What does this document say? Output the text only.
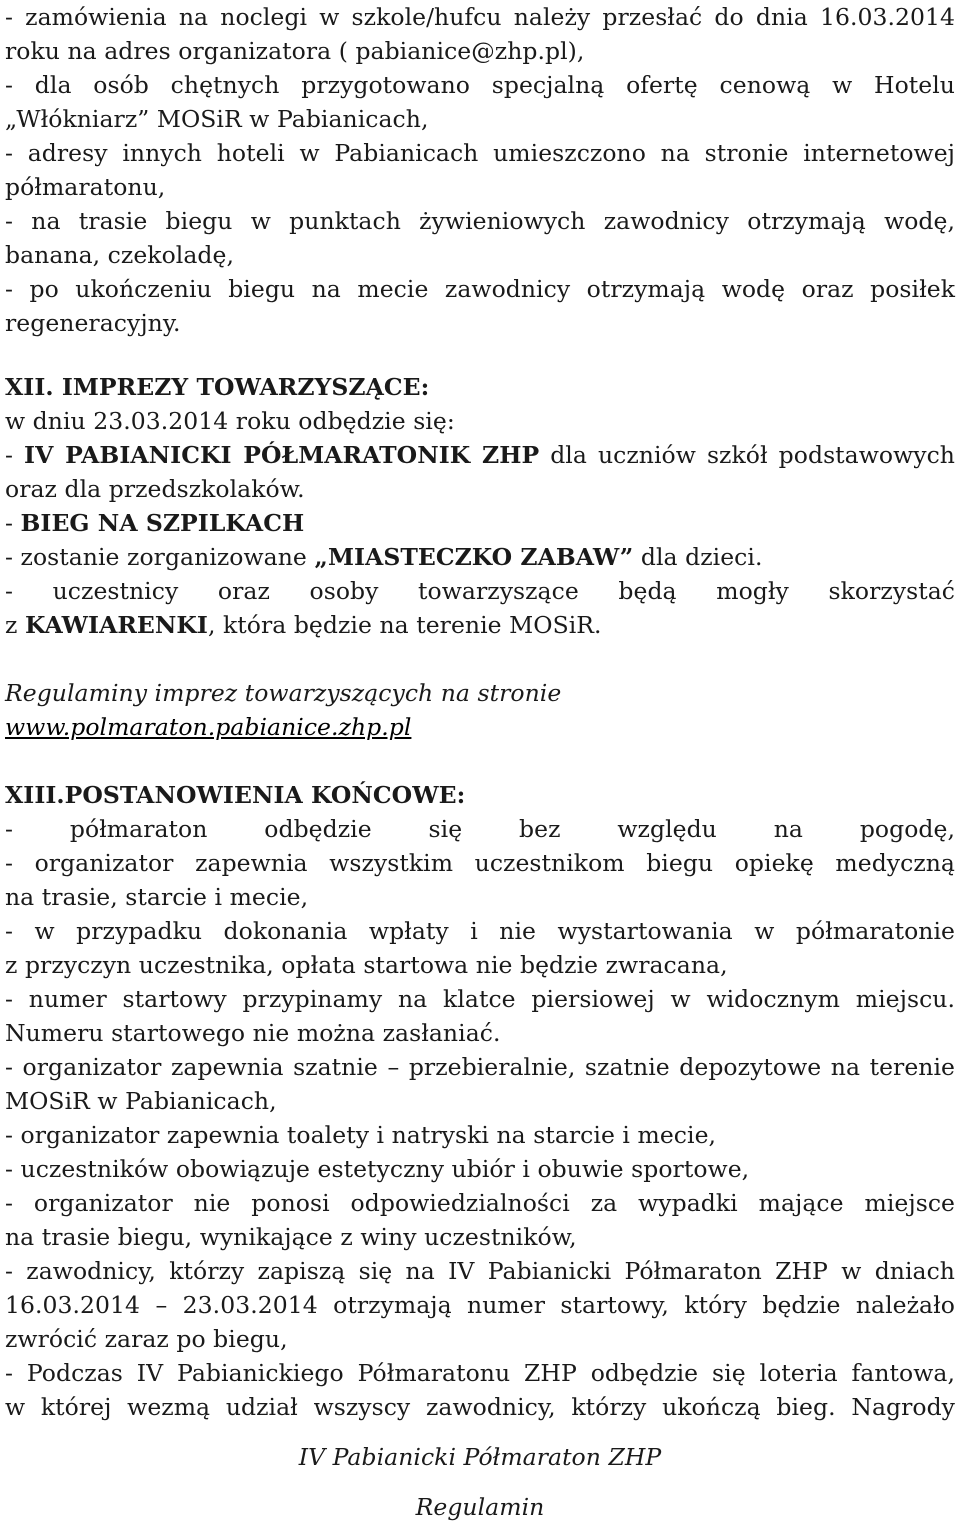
- zamówienia na noclegi w szkole/hufcu należy przesłać do dnia 16.03.2014
roku na adres organizatora ( pabianice@zhp.pl),
- dla osób chętnych przygotowano specjalną ofertę cenową w Hotelu
„Włókniarz” MOSiR w Pabianicach,
- adresy innych hoteli w Pabianicach umieszczono na stronie internetowej
półmaratonu,
- na trasie biegu w punktach żywieniowych zawodnicy otrzymają wodę,
banana, czekoladę,
- po ukończeniu biegu na mecie zawodnicy otrzymają wodę oraz posiłek
regeneracyjny.
XII. IMPREZY TOWARZYSZĄCE:
w dniu 23.03.2014 roku odbędzie się:
- IV PABIANICKI PÓŁMARATONIK ZHP dla uczniów szkół podstawowych
oraz dla przedszkolaków.
- BIEG NA SZPILKACH
- zostanie zorganizowane „MIASTECZKO ZABAW” dla dzieci.
- uczestnicy oraz osoby towarzyszące będą mogły skorzystać
z KAWIARENKI, która będzie na terenie MOSiR.
Regulaminy imprez towarzyszących na stronie
www.polmaraton.pabianice.zhp.pl
XIII.POSTANOWIENIA KOŃCOWE:
- półmaraton odbędzie się bez względu na pogodę,
- organizator zapewnia wszystkim uczestnikom biegu opiekę medyczną
na trasie, starcie i mecie,
- w przypadku dokonania wpłaty i nie wystartowania w półmaratonie
z przyczyn uczestnika, opłata startowa nie będzie zwracana,
- numer startowy przypinamy na klatce piersiowej w widocznym miejscu.
Numeru startowego nie można zasłaniać.
- organizator zapewnia szatnie – przebieralnie, szatnie depozytowe na terenie
MOSiR w Pabianicach,
- organizator zapewnia toalety i natryski na starcie i mecie,
- uczestników obowiązuje estetyczny ubiór i obuwie sportowe,
- organizator nie ponosi odpowiedzialności za wypadki mające miejsce
na trasie biegu, wynikające z winy uczestników,
- zawodnicy, którzy zapiszą się na IV Pabianicki Półmaraton ZHP w dniach
16.03.2014 – 23.03.2014 otrzymają numer startowy, który będzie należało
zwrócić zaraz po biegu,
- Podczas IV Pabianickiego Półmaratonu ZHP odbędzie się loteria fantowa,
w której wezmą udział wszyscy zawodnicy, którzy ukończą bieg. Nagrody
IV Pabianicki Półmaraton ZHP
Regulamin
